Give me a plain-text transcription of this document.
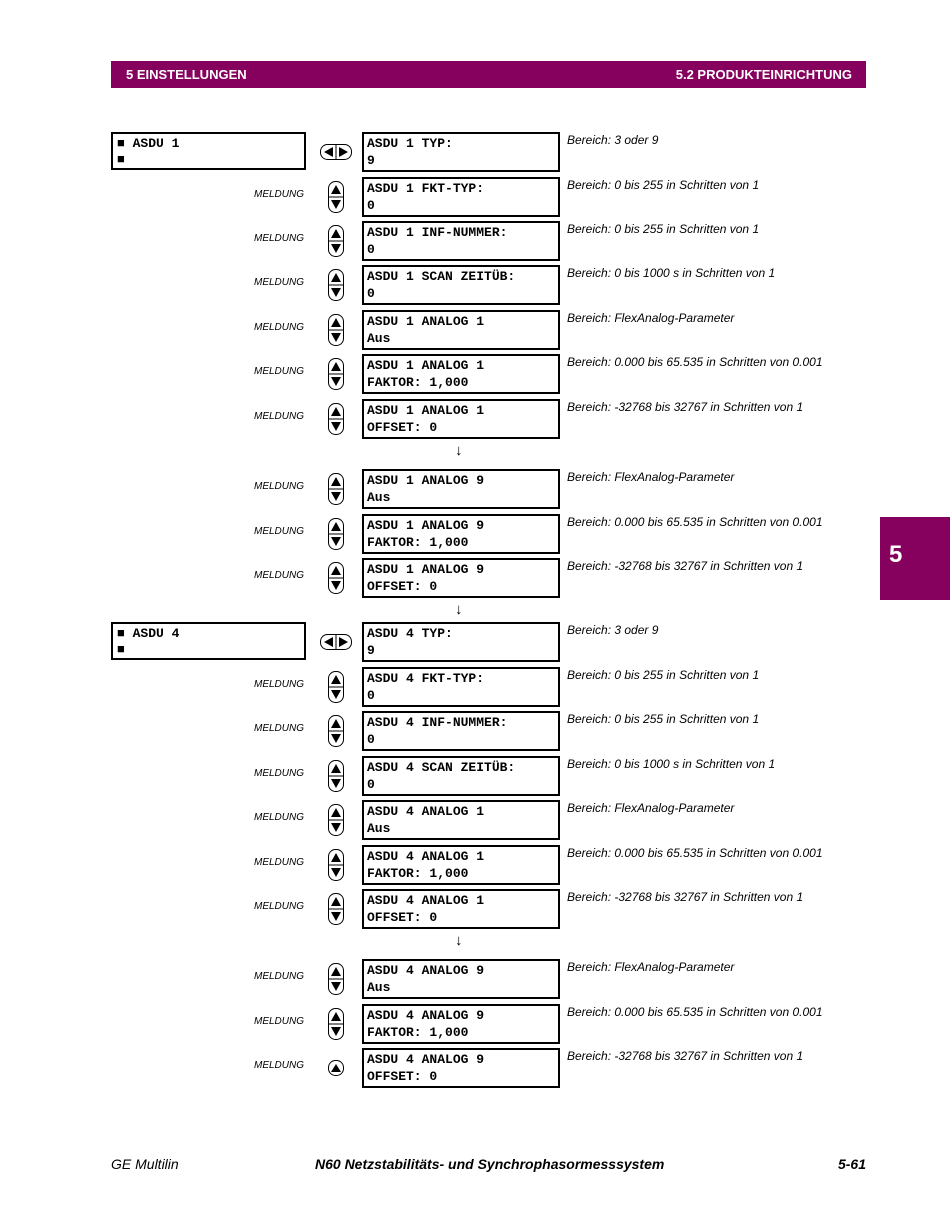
5 EINSTELLUNGEN	5.2 PRODUKTEINRICHTUNG
5
■ ASDU 1
■
■ ASDU 4
■
ASDU 1 TYP:
9
Bereich: 3 oder 9
MELDUNG	ASDU 1 FKT-TYP:
0
Bereich: 0 bis 255 in Schritten von 1
MELDUNG	ASDU 1 INF-NUMMER:
0
Bereich: 0 bis 255 in Schritten von 1
MELDUNG	ASDU 1 SCAN ZEITÜB:
0
Bereich: 0 bis 1000 s in Schritten von 1
MELDUNG	ASDU 1 ANALOG 1
Aus
Bereich: FlexAnalog-Parameter
MELDUNG	ASDU 1 ANALOG 1
FAKTOR: 1,000
Bereich: 0.000 bis 65.535 in Schritten von 0.001
MELDUNG	ASDU 1 ANALOG 1
OFFSET: 0
Bereich: -32768 bis 32767 in Schritten von 1
MELDUNG	ASDU 1 ANALOG 9
Aus
Bereich: FlexAnalog-Parameter
MELDUNG	ASDU 1 ANALOG 9
FAKTOR: 1,000
Bereich: 0.000 bis 65.535 in Schritten von 0.001
MELDUNG	ASDU 1 ANALOG 9
OFFSET: 0
Bereich: -32768 bis 32767 in Schritten von 1
ASDU 4 TYP:
9
Bereich: 3 oder 9
MELDUNG	ASDU 4 FKT-TYP:
0
Bereich: 0 bis 255 in Schritten von 1
MELDUNG	ASDU 4 INF-NUMMER:
0
Bereich: 0 bis 255 in Schritten von 1
MELDUNG	ASDU 4 SCAN ZEITÜB:
0
Bereich: 0 bis 1000 s in Schritten von 1
MELDUNG	ASDU 4 ANALOG 1
Aus
Bereich: FlexAnalog-Parameter
MELDUNG	ASDU 4 ANALOG 1
FAKTOR: 1,000
Bereich: 0.000 bis 65.535 in Schritten von 0.001
MELDUNG	ASDU 4 ANALOG 1
OFFSET: 0
Bereich: -32768 bis 32767 in Schritten von 1
MELDUNG	ASDU 4 ANALOG 9
Aus
Bereich: FlexAnalog-Parameter
MELDUNG	ASDU 4 ANALOG 9
FAKTOR: 1,000
Bereich: 0.000 bis 65.535 in Schritten von 0.001
MELDUNG	ASDU 4 ANALOG 9
OFFSET: 0
Bereich: -32768 bis 32767 in Schritten von 1
↓
↓
↓
GE Multilin	N60 Netzstabilitäts- und Synchrophasormesssystem	5-61
